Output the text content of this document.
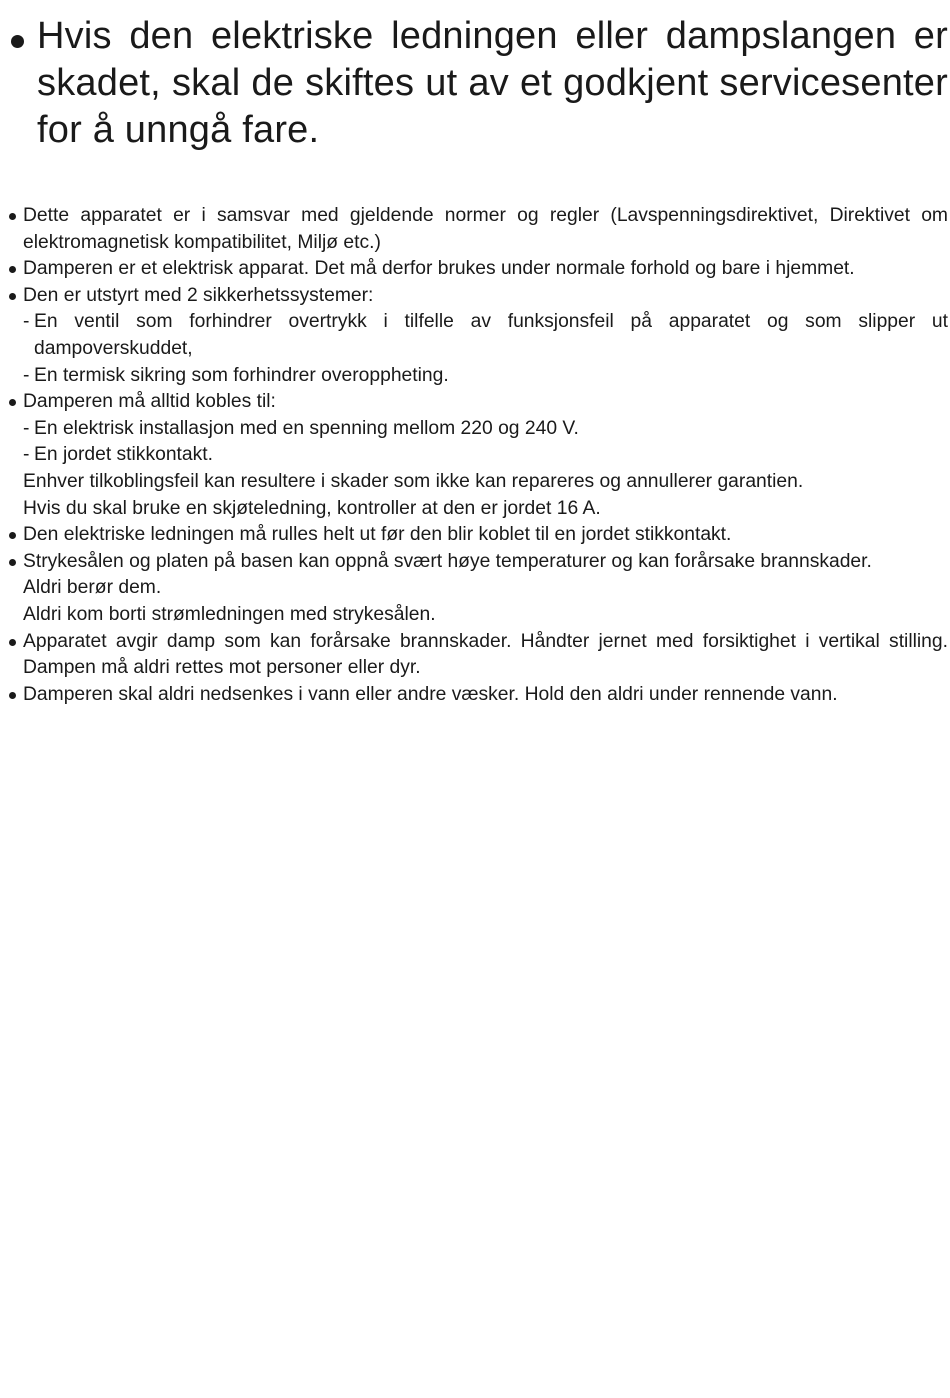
Hvis den elektriske ledningen eller dampslangen er skadet, skal de skiftes ut av et godkjent servicesenter for å unngå fare.
Dette apparatet er i samsvar med gjeldende normer og regler (Lavspenningsdirektivet, Direktivet om elektromagnetisk kompatibilitet, Miljø etc.)
Damperen er et elektrisk apparat. Det må derfor brukes under normale forhold og bare i hjemmet.
Den er utstyrt med 2 sikkerhetssystemer:
- En ventil som forhindrer overtrykk i tilfelle av funksjonsfeil på apparatet og som slipper ut dampoverskuddet,
- En termisk sikring som forhindrer overoppheting.
Damperen må alltid kobles til:
- En elektrisk installasjon med en spenning mellom 220 og 240 V.
- En jordet stikkontakt.
Enhver tilkoblingsfeil kan resultere i skader som ikke kan repareres og annullerer garantien.
Hvis du skal bruke en skjøteledning, kontroller at den er jordet 16 A.
Den elektriske ledningen må rulles helt ut før den blir koblet til en jordet stikkontakt.
Strykesålen og platen på basen kan oppnå svært høye temperaturer og kan forårsake brannskader.
Aldri berør dem.
Aldri kom borti strømledningen med strykesålen.
Apparatet avgir damp som kan forårsake brannskader. Håndter jernet med forsiktighet i vertikal stilling. Dampen må aldri rettes mot personer eller dyr.
Damperen skal aldri nedsenkes i vann eller andre væsker. Hold den aldri under rennende vann.
